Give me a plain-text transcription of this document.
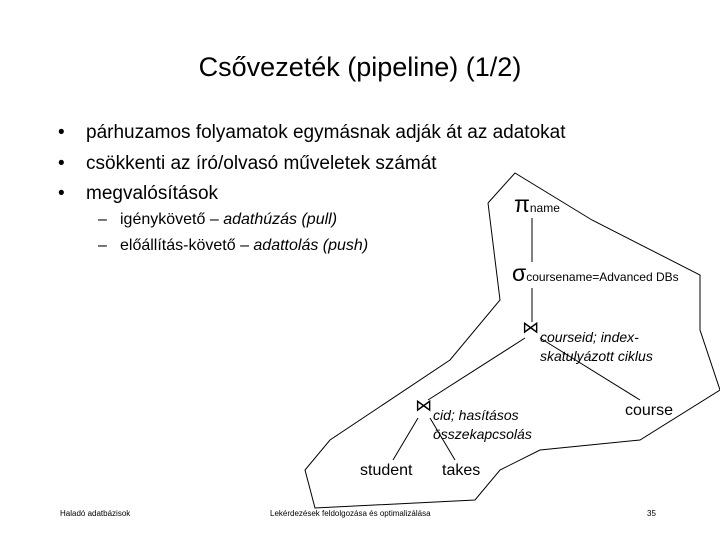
Csővezeték (pipeline) (1/2)
• párhuzamos folyamatok egymásnak adják át az adatokat
• csökkenti az író/olvasó műveletek számát
• megvalósítások
– igénykövető – adathúzás (pull)
– előállítás-követő – adattolás (push)
πname
σcoursename=Advanced DBs
⋈ courseid; index-
skatulyázott ciklus
⋈ cid; hasításos
összekapcsolás
course
student takes
Haladó adatbázisok	Lekérdezések feldolgozása és optimalizálása	35
